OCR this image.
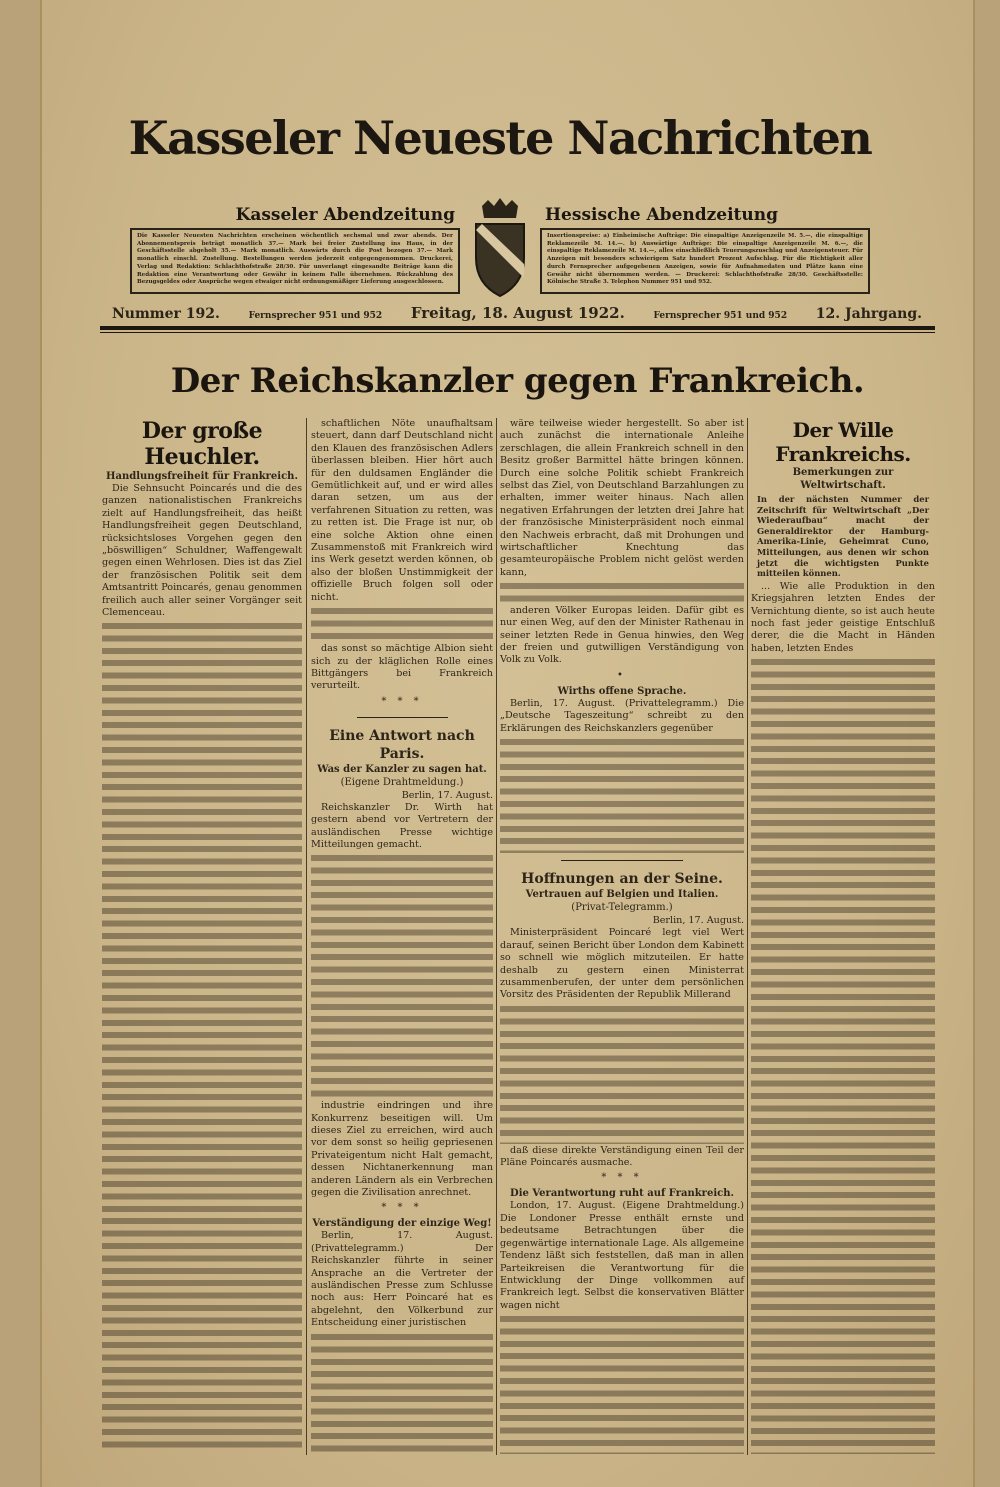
Kasseler Neueste Nachrichten
Kasseler Abendzeitung	Hessische Abendzeitung
Die Kasseler Neuesten Nachrichten erscheinen wöchentlich sechsmal und zwar abends. Der Abonnementspreis beträgt monatlich 37.— Mark bei freier Zustellung ins Haus, in der Geschäftsstelle abgeholt 35.— Mark monatlich. Auswärts durch die Post bezogen 37.— Mark monatlich einschl. Zustellung. Bestellungen werden jederzeit entgegengenommen. Druckerei, Verlag und Redaktion: Schlachthofstraße 28/30. Für unverlangt eingesandte Beiträge kann die Redaktion eine Verantwortung oder Gewähr in keinem Falle übernehmen. Rückzahlung des Bezugsgeldes oder Ansprüche wegen etwaiger nicht ordnungsmäßiger Lieferung ausgeschlossen.
Insertionspreise: a) Einheimische Aufträge: Die einspaltige Anzeigenzeile M. 5.—, die einspaltige Reklamezeile M. 14.—. b) Auswärtige Aufträge: Die einspaltige Anzeigenzeile M. 6.—, die einspaltige Reklamezeile M. 14.—, alles einschließlich Teuerungszuschlag und Anzeigensteuer. Für Anzeigen mit besonders schwierigem Satz hundert Prozent Aufschlag. Für die Richtigkeit aller durch Fernsprecher aufgegebenen Anzeigen, sowie für Aufnahmedaten und Plätze kann eine Gewähr nicht übernommen werden. — Druckerei: Schlachthofstraße 28/30. Geschäftsstelle: Kölnische Straße 3. Telephon Nummer 951 und 952.
Nummer 192.	Fernsprecher 951 und 952 Freitag, 18. August 1922.	Fernsprecher 951 und 952 12. Jahrgang.
Der Reichskanzler gegen Frankreich.
Der große Heuchler.
Handlungsfreiheit für Frankreich.

Die Sehnsucht Poincarés und die des ganzen nationalistischen Frankreichs zielt auf Handlungsfreiheit, das heißt Handlungsfreiheit gegen Deutschland, rücksichtsloses Vorgehen gegen den „böswilligen“ Schuldner, Waffengewalt gegen einen Wehrlosen. Dies ist das Ziel der französischen Politik seit dem Amtsantritt Poincarés, genau genommen freilich auch aller seiner Vorgänger seit Clemenceau.

schaftlichen Nöte unaufhaltsam steuert, dann darf Deutschland nicht den Klauen des französischen Adlers überlassen bleiben. Hier hört auch für den duldsamen Engländer die Gemütlichkeit auf, und er wird alles daran setzen, um aus der verfahrenen Situation zu retten, was zu retten ist. Die Frage ist nur, ob eine solche Aktion ohne einen Zusammenstoß mit Frankreich wird ins Werk gesetzt werden können, ob also der bloßen Unstimmigkeit der offizielle Bruch folgen soll oder nicht.

das sonst so mächtige Albion sieht sich zu der kläglichen Rolle eines Bittgängers bei Frankreich verurteilt.

* * *
Eine Antwort nach Paris.
Was der Kanzler zu sagen hat.
(Eigene Drahtmeldung.)
Berlin, 17. August.

Reichskanzler Dr. Wirth hat gestern abend vor Vertretern der ausländischen Presse wichtige Mitteilungen gemacht.

industrie eindringen und ihre Konkurrenz beseitigen will. Um dieses Ziel zu erreichen, wird auch vor dem sonst so heilig gepriesenen Privateigentum nicht Halt gemacht, dessen Nichtanerkennung man anderen Ländern als ein Verbrechen gegen die Zivilisation anrechnet.

* * *
Verständigung der einzige Weg!

Berlin, 17. August. (Privattelegramm.) Der Reichskanzler führte in seiner Ansprache an die Vertreter der ausländischen Presse zum Schlusse noch aus: Herr Poincaré hat es abgelehnt, den Völkerbund zur Entscheidung einer juristischen

wäre teilweise wieder hergestellt. So aber ist auch zunächst die internationale Anleihe zerschlagen, die allein Frankreich schnell in den Besitz großer Barmittel hätte bringen können. Durch eine solche Politik schiebt Frankreich selbst das Ziel, von Deutschland Barzahlungen zu erhalten, immer weiter hinaus. Nach allen negativen Erfahrungen der letzten drei Jahre hat der französische Ministerpräsident noch einmal den Nachweis erbracht, daß mit Drohungen und wirtschaftlicher Knechtung das gesamteuropäische Problem nicht gelöst werden kann,

anderen Völker Europas leiden. Dafür gibt es nur einen Weg, auf den der Minister Rathenau in seiner letzten Rede in Genua hinwies, den Weg der freien und gutwilligen Verständigung von Volk zu Volk.

•
Wirths offene Sprache.

Berlin, 17. August. (Privattelegramm.) Die „Deutsche Tageszeitung“ schreibt zu den Erklärungen des Reichskanzlers gegenüber

Hoffnungen an der Seine.
Vertrauen auf Belgien und Italien.
(Privat-Telegramm.)
Berlin, 17. August.

Ministerpräsident Poincaré legt viel Wert darauf, seinen Bericht über London dem Kabinett so schnell wie möglich mitzuteilen. Er hatte deshalb zu gestern einen Ministerrat zusammenberufen, der unter dem persönlichen Vorsitz des Präsidenten der Republik Millerand

daß diese direkte Verständigung einen Teil der Pläne Poincarés ausmache.

* * *
Die Verantwortung ruht auf Frankreich.

London, 17. August. (Eigene Drahtmeldung.) Die Londoner Presse enthält ernste und bedeutsame Betrachtungen über die gegenwärtige internationale Lage. Als allgemeine Tendenz läßt sich feststellen, daß man in allen Parteikreisen die Verantwortung für die Entwicklung der Dinge vollkommen auf Frankreich legt. Selbst die konservativen Blätter wagen nicht

Der Wille Frankreichs.
Bemerkungen zur Weltwirtschaft.
In der nächsten Nummer der Zeitschrift für Weltwirtschaft „Der Wiederaufbau“ macht der Generaldirektor der Hamburg-Amerika-Linie, Geheimrat Cuno, Mitteilungen, aus denen wir schon jetzt die wichtigsten Punkte mitteilen können.

... Wie alle Produktion in den Kriegsjahren letzten Endes der Vernichtung diente, so ist auch heute noch fast jeder geistige Entschluß derer, die die Macht in Händen haben, letzten Endes
